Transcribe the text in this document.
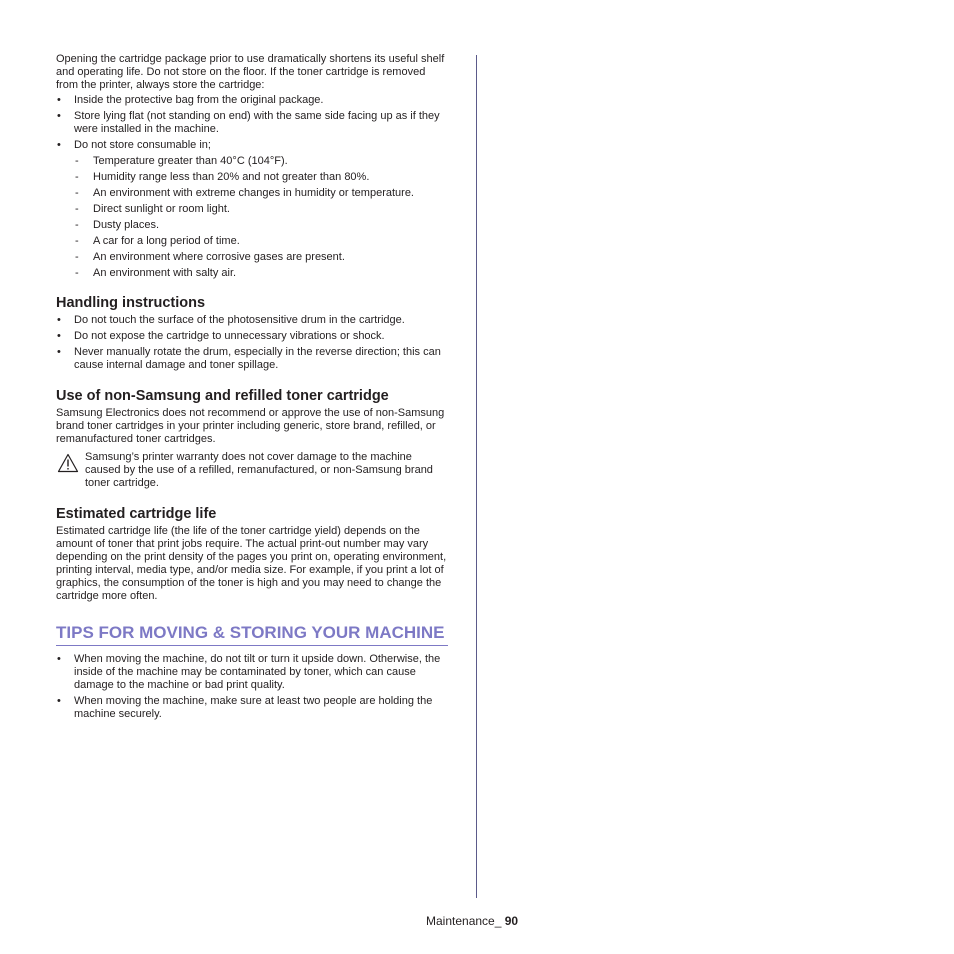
Opening the cartridge package prior to use dramatically shortens its useful shelf and operating life. Do not store on the floor. If the toner cartridge is removed from the printer, always store the cartridge:

• Inside the protective bag from the original package.
• Store lying flat (not standing on end) with the same side facing up as if they were installed in the machine.
• Do not store consumable in;
- Temperature greater than 40°C (104°F).
- Humidity range less than 20% and not greater than 80%.
- An environment with extreme changes in humidity or temperature.
- Direct sunlight or room light.
- Dusty places.
- A car for a long period of time.
- An environment where corrosive gases are present.
- An environment with salty air.
Handling instructions
• Do not touch the surface of the photosensitive drum in the cartridge.
• Do not expose the cartridge to unnecessary vibrations or shock.
• Never manually rotate the drum, especially in the reverse direction; this can cause internal damage and toner spillage.
Use of non-Samsung and refilled toner cartridge

Samsung Electronics does not recommend or approve the use of non-Samsung brand toner cartridges in your printer including generic, store brand, refilled, or remanufactured toner cartridges.

Samsung’s printer warranty does not cover damage to the machine caused by the use of a refilled, remanufactured, or non-Samsung brand toner cartridge.
Estimated cartridge life

Estimated cartridge life (the life of the toner cartridge yield) depends on the amount of toner that print jobs require. The actual print-out number may vary depending on the print density of the pages you print on, operating environment, printing interval, media type, and/or media size. For example, if you print a lot of graphics, the consumption of the toner is high and you may need to change the cartridge more often.

TIPS FOR MOVING & STORING YOUR MACHINE
• When moving the machine, do not tilt or turn it upside down. Otherwise, the inside of the machine may be contaminated by toner, which can cause damage to the machine or bad print quality.
• When moving the machine, make sure at least two people are holding the machine securely.
Maintenance_ 90
